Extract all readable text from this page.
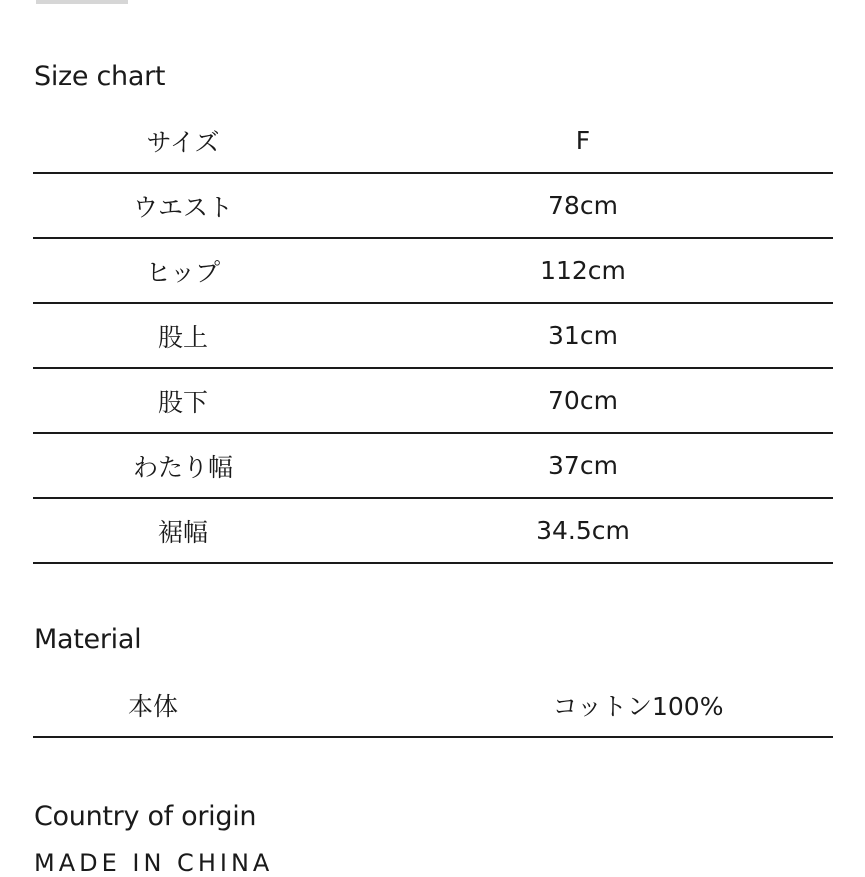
Size chart
サイズ	F
ウエスト	78cm
ヒップ	112cm
股上	31cm
股下	70cm
わたり幅	37cm
裾幅	34.5cm
Material
本体	コットン100%
Country of origin
MADE IN CHINA
